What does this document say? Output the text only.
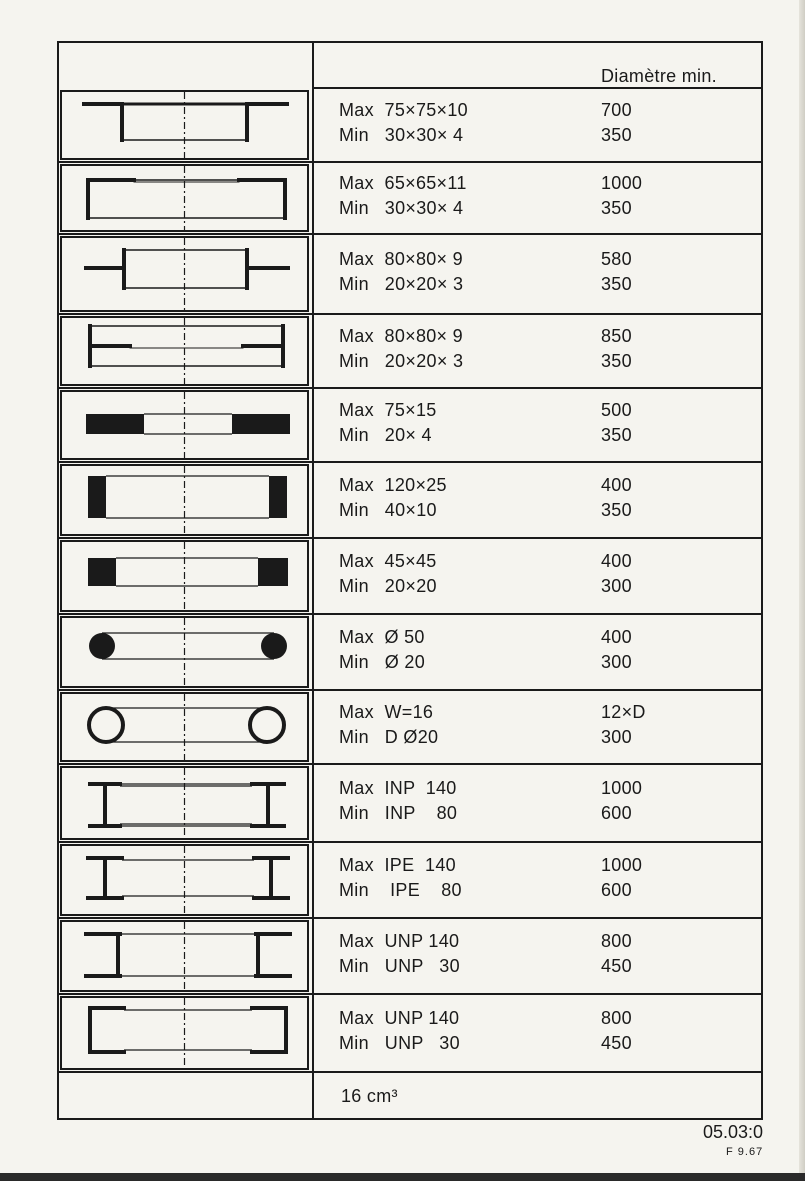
Diamètre min.
Max  75×75×10
Min   30×30× 4
700
350
Max  65×65×11
Min   30×30× 4
1000
350
Max  80×80× 9
Min   20×20× 3
580
350
Max  80×80× 9
Min   20×20× 3
850
350
Max  75×15
Min   20× 4
500
350
Max  120×25
Min   40×10
400
350
Max  45×45
Min   20×20
400
300
Max  Ø 50
Min   Ø 20
400
300
Max  W=16
Min   D Ø20
12×D
300
Max  INP  140
Min   INP    80
1000
600
Max  IPE  140
Min    IPE    80
1000
600
Max  UNP 140
Min   UNP   30
800
450
Max  UNP 140
Min   UNP   30
800
450
16 cm³
05.03:0
F 9.67
